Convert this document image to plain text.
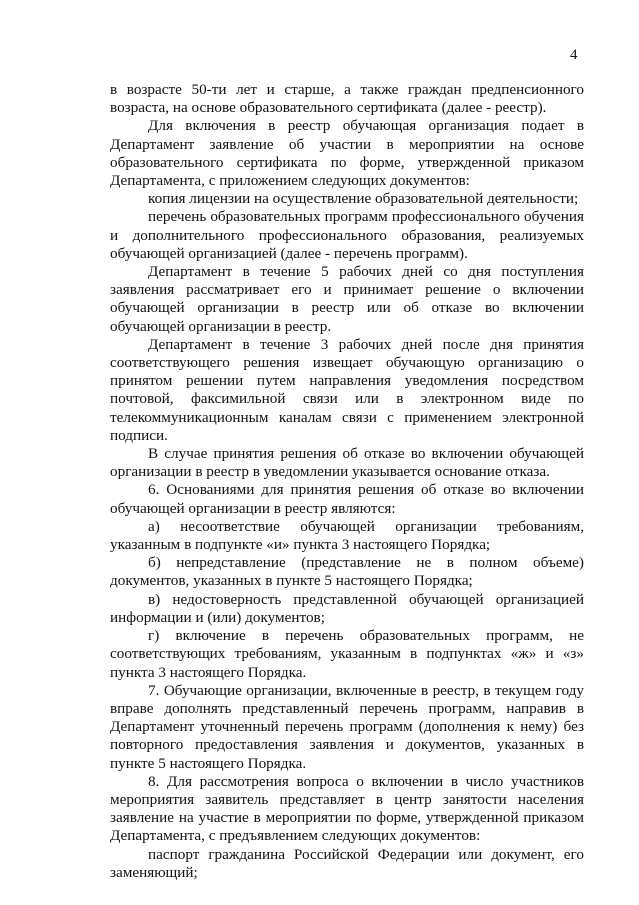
4

в возрасте 50-ти лет и старше, а также граждан предпенсионного возраста, на основе образовательного сертификата (далее - реестр).

Для включения в реестр обучающая организация подает в Департамент заявление об участии в мероприятии на основе образовательного сертификата по форме, утвержденной приказом Департамента, с приложением следующих документов:

копия лицензии на осуществление образовательной деятельности;

перечень образовательных программ профессионального обучения и дополнительного профессионального образования, реализуемых обучающей организацией (далее - перечень программ).

Департамент в течение 5 рабочих дней со дня поступления заявления рассматривает его и принимает решение о включении обучающей организации в реестр или об отказе во включении обучающей организации в реестр.

Департамент в течение 3 рабочих дней после дня принятия соответствующего решения извещает обучающую организацию о принятом решении путем направления уведомления посредством почтовой, факсимильной связи или в электронном виде по телекоммуникационным каналам связи с применением электронной подписи.

В случае принятия решения об отказе во включении обучающей организации в реестр в уведомлении указывается основание отказа.

6. Основаниями для принятия решения об отказе во включении обучающей организации в реестр являются:

а) несоответствие обучающей организации требованиям, указанным в подпункте «и» пункта 3 настоящего Порядка;

б) непредставление (представление не в полном объеме) документов, указанных в пункте 5 настоящего Порядка;

в) недостоверность представленной обучающей организацией информации и (или) документов;

г) включение в перечень образовательных программ, не соответствующих требованиям, указанным в подпунктах «ж» и «з» пункта 3 настоящего Порядка.

7. Обучающие организации, включенные в реестр, в текущем году вправе дополнять представленный перечень программ, направив в Департамент уточненный перечень программ (дополнения к нему) без повторного предоставления заявления и документов, указанных в пункте 5 настоящего Порядка.

8. Для рассмотрения вопроса о включении в число участников мероприятия заявитель представляет в центр занятости населения заявление на участие в мероприятии по форме, утвержденной приказом Департамента, с предъявлением следующих документов:

паспорт гражданина Российской Федерации или документ, его заменяющий;
